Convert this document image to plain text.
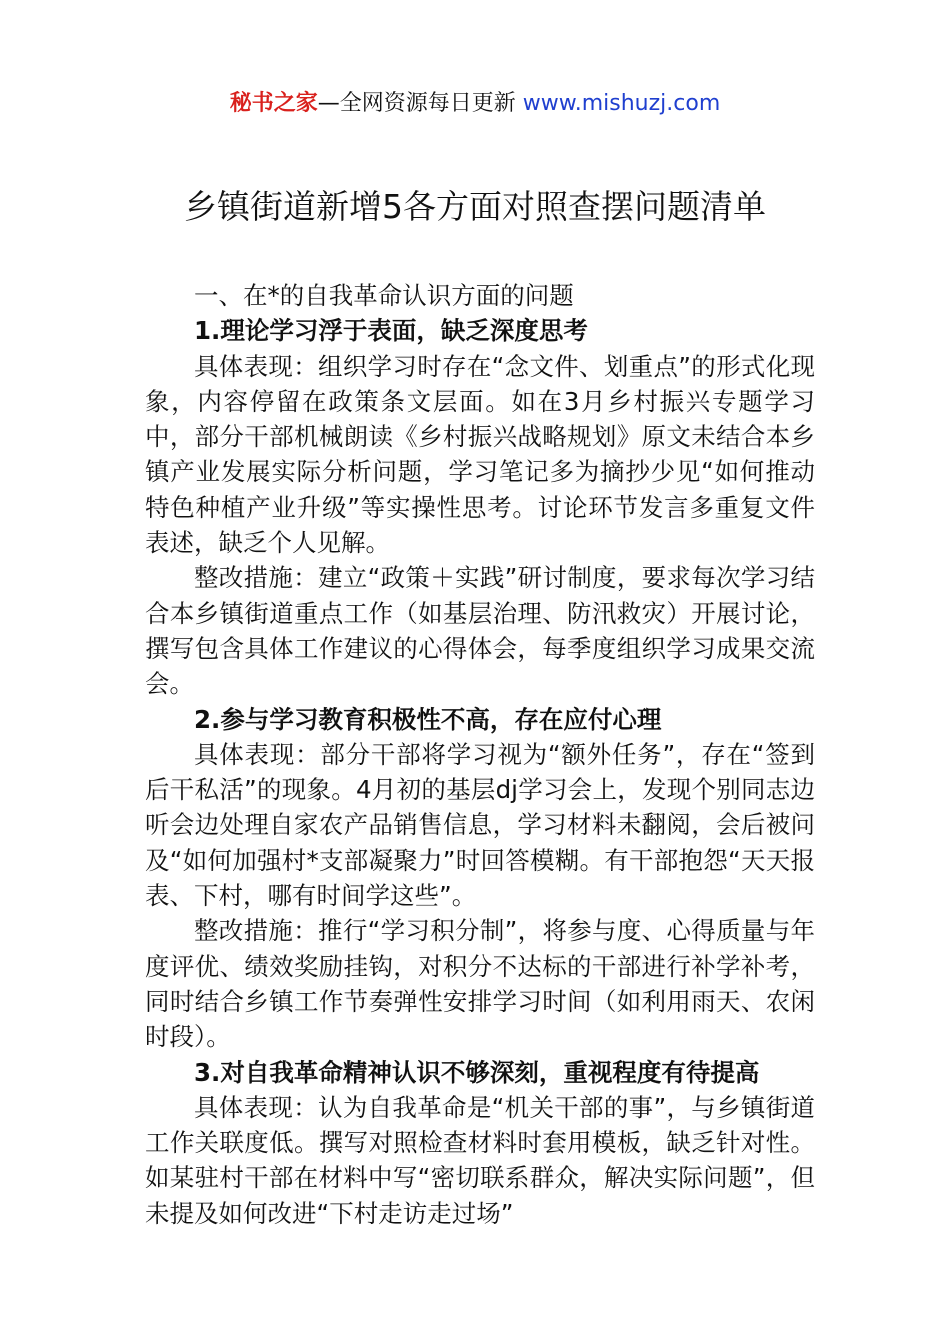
秘书之家—全网资源每日更新 www.mishuzj.com
乡镇街道新增5各方面对照查摆问题清单

一、在*的自我革命认识方面的问题

1.理论学习浮于表面，缺乏深度思考

具体表现：组织学习时存在“念文件、划重点”的形式化现象，内容停留在政策条文层面。如在3月乡村振兴专题学习中，部分干部机械朗读《乡村振兴战略规划》原文未结合本乡镇产业发展实际分析问题，学习笔记多为摘抄少见“如何推动特色种植产业升级”等实操性思考。讨论环节发言多重复文件表述，缺乏个人见解。

整改措施：建立“政策＋实践”研讨制度，要求每次学习结合本乡镇街道重点工作（如基层治理、防汛救灾）开展讨论，撰写包含具体工作建议的心得体会，每季度组织学习成果交流会。

2.参与学习教育积极性不高，存在应付心理

具体表现：部分干部将学习视为“额外任务”，存在“签到后干私活”的现象。4月初的基层dj学习会上，发现个别同志边听会边处理自家农产品销售信息，学习材料未翻阅，会后被问及“如何加强村*支部凝聚力”时回答模糊。有干部抱怨“天天报表、下村，哪有时间学这些”。

整改措施：推行“学习积分制”，将参与度、心得质量与年度评优、绩效奖励挂钩，对积分不达标的干部进行补学补考，同时结合乡镇工作节奏弹性安排学习时间（如利用雨天、农闲时段）。

3.对自我革命精神认识不够深刻，重视程度有待提高

具体表现：认为自我革命是“机关干部的事”，与乡镇街道工作关联度低。撰写对照检查材料时套用模板，缺乏针对性。如某驻村干部在材料中写“密切联系群众，解决实际问题”，但未提及如何改进“下村走访走过场”
